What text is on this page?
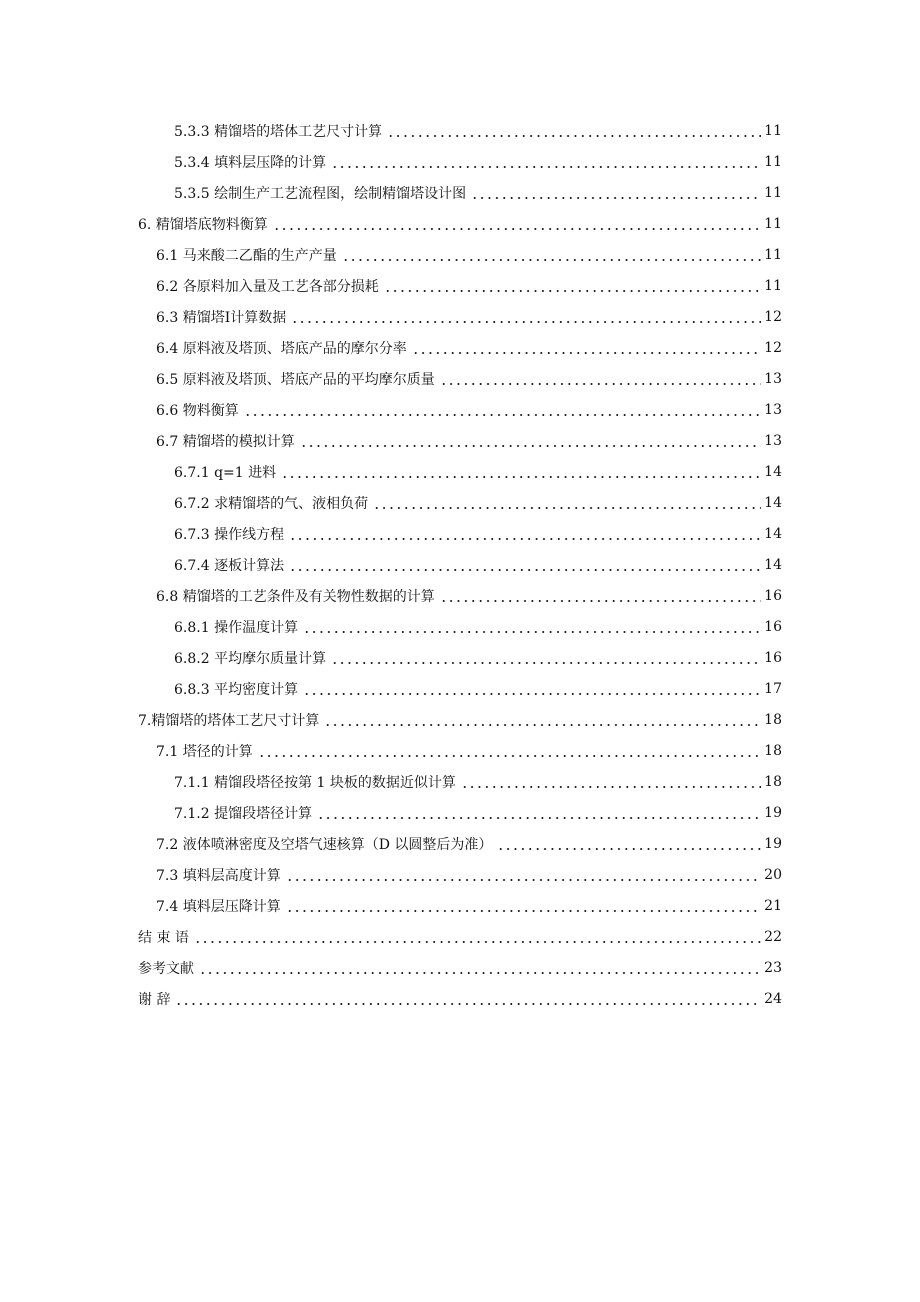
5.3.3 精馏塔的塔体工艺尺寸计算	11
5.3.4 填料层压降的计算	11
5.3.5 绘制生产工艺流程图，绘制精馏塔设计图	11
6. 精馏塔底物料衡算	11
6.1 马来酸二乙酯的生产产量	11
6.2 各原料加入量及工艺各部分损耗	11
6.3 精馏塔Ⅰ计算数据	12
6.4 原料液及塔顶、塔底产品的摩尔分率	12
6.5 原料液及塔顶、塔底产品的平均摩尔质量	13
6.6 物料衡算	13
6.7 精馏塔的模拟计算	13
6.7.1 q=1 进料	14
6.7.2 求精馏塔的气、液相负荷	14
6.7.3 操作线方程	14
6.7.4 逐板计算法	14
6.8 精馏塔的工艺条件及有关物性数据的计算	16
6.8.1 操作温度计算	16
6.8.2 平均摩尔质量计算	16
6.8.3 平均密度计算	17
7.精馏塔的塔体工艺尺寸计算	18
7.1 塔径的计算	18
7.1.1 精馏段塔径按第 1 块板的数据近似计算	18
7.1.2 提馏段塔径计算	19
7.2 液体喷淋密度及空塔气速核算（D 以圆整后为准）	19
7.3 填料层高度计算	20
7.4 填料层压降计算	21
结 束 语	22
参考文献	23
谢 辞	24
